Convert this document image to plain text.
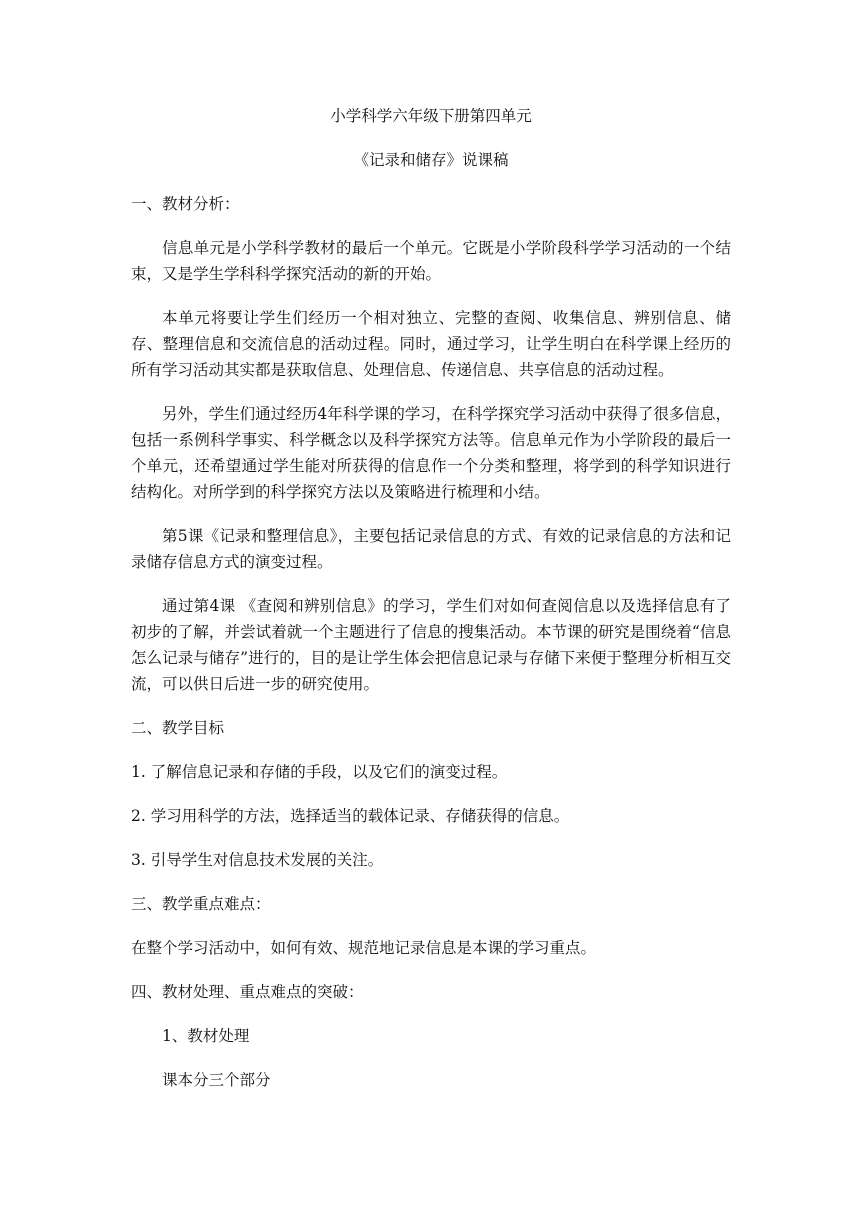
小学科学六年级下册第四单元

《记录和储存》说课稿

一、教材分析：

信息单元是小学科学教材的最后一个单元。它既是小学阶段科学学习活动的一个结束，又是学生学科科学探究活动的新的开始。

本单元将要让学生们经历一个相对独立、完整的查阅、收集信息、辨别信息、储存、整理信息和交流信息的活动过程。同时，通过学习，让学生明白在科学课上经历的所有学习活动其实都是获取信息、处理信息、传递信息、共享信息的活动过程。

另外，学生们通过经历4年科学课的学习，在科学探究学习活动中获得了很多信息，包括一系例科学事实、科学概念以及科学探究方法等。信息单元作为小学阶段的最后一个单元，还希望通过学生能对所获得的信息作一个分类和整理，将学到的科学知识进行结构化。对所学到的科学探究方法以及策略进行梳理和小结。

第5课《记录和整理信息》，主要包括记录信息的方式、有效的记录信息的方法和记录储存信息方式的演变过程。

通过第4课 《查阅和辨别信息》的学习，学生们对如何查阅信息以及选择信息有了初步的了解，并尝试着就一个主题进行了信息的搜集活动。本节课的研究是围绕着“信息怎么记录与储存”进行的，目的是让学生体会把信息记录与存储下来便于整理分析相互交流，可以供日后进一步的研究使用。

二、教学目标

1. 了解信息记录和存储的手段，以及它们的演变过程。

2. 学习用科学的方法，选择适当的载体记录、存储获得的信息。

3. 引导学生对信息技术发展的关注。

三、教学重点难点：

在整个学习活动中，如何有效、规范地记录信息是本课的学习重点。

四、教材处理、重点难点的突破：

1、教材处理

课本分三个部分
